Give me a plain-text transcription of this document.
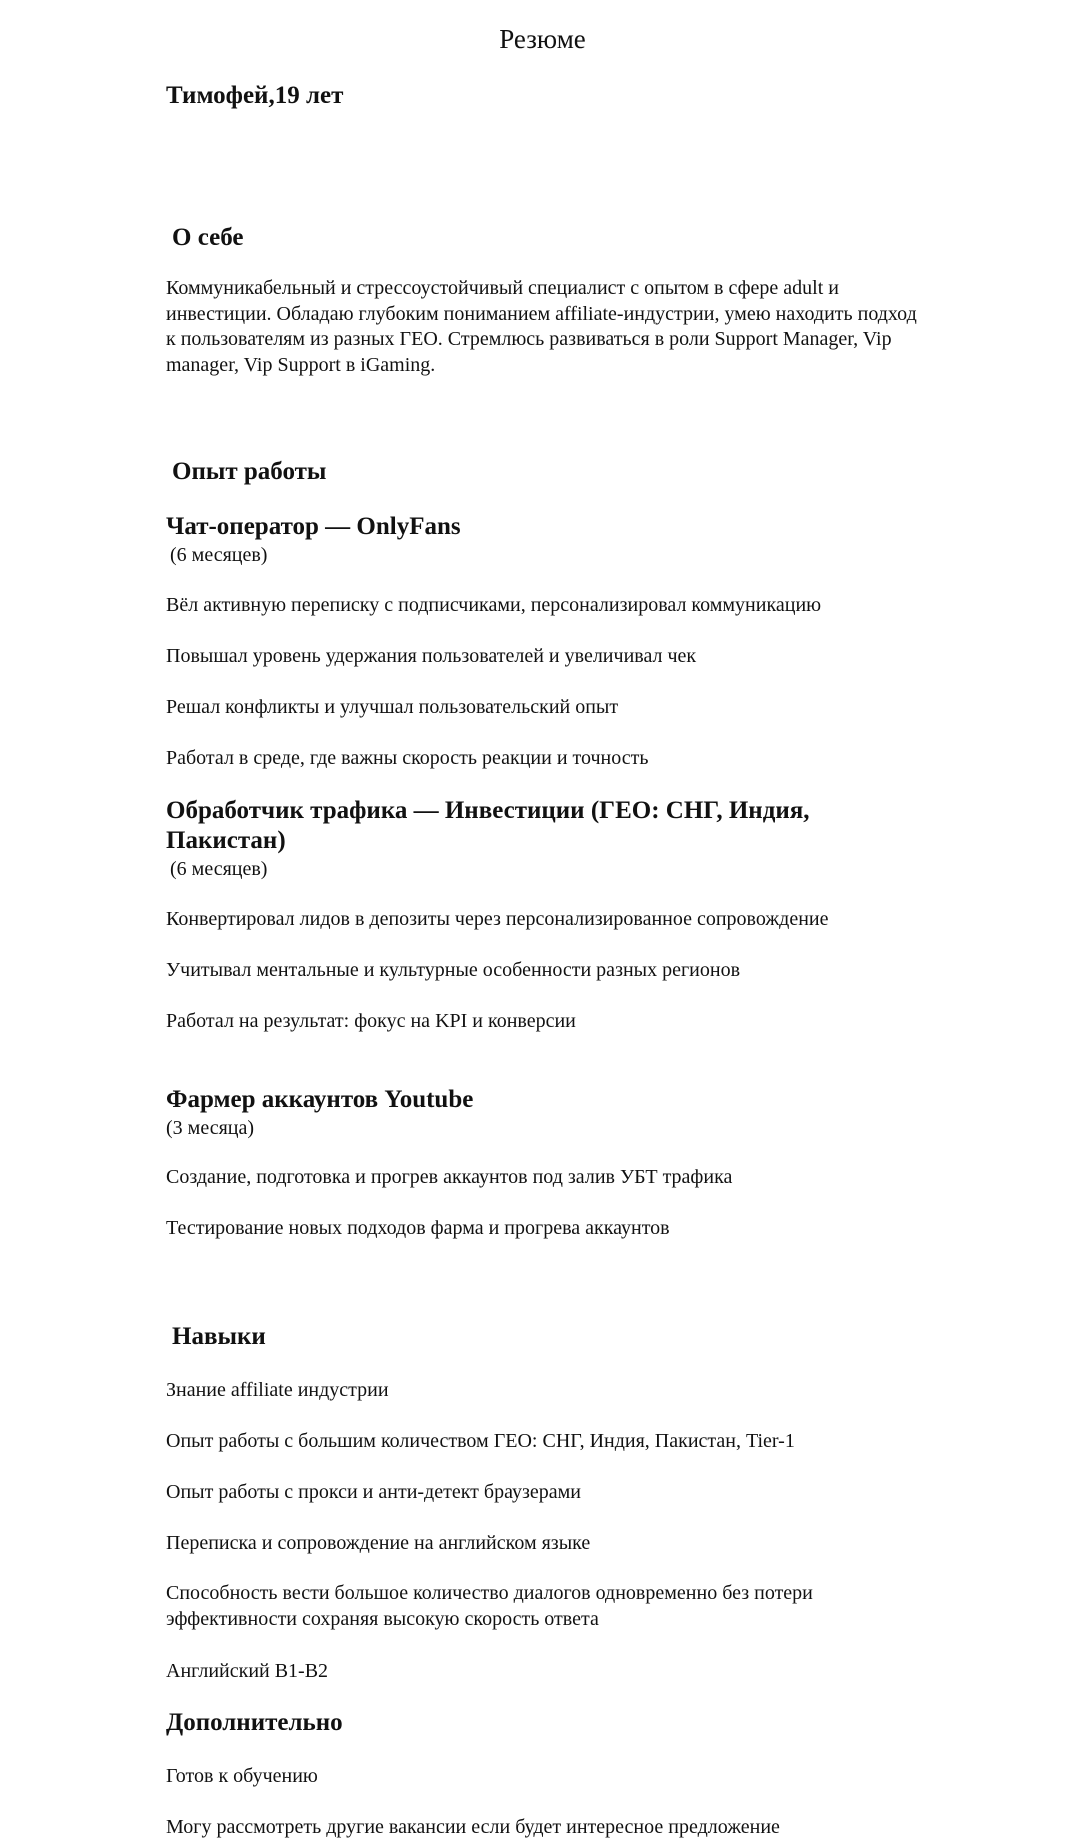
Резюме

Тимофей,19 лет

О себе

Коммуникабельный и стрессоустойчивый специалист с опытом в сфере adult и инвестиции. Обладаю глубоким пониманием affiliate-индустрии, умею находить подход к пользователям из разных ГЕО. Стремлюсь развиваться в роли Support Manager, Vip manager, Vip Support в iGaming.

Опыт работы

Чат-оператор — OnlyFans

(6 месяцев)

Вёл активную переписку с подписчиками, персонализировал коммуникацию

Повышал уровень удержания пользователей и увеличивал чек

Решал конфликты и улучшал пользовательский опыт

Работал в среде, где важны скорость реакции и точность

Обработчик трафика — Инвестиции (ГЕО: СНГ, Индия, Пакистан)

(6 месяцев)

Конвертировал лидов в депозиты через персонализированное сопровождение

Учитывал ментальные и культурные особенности разных регионов

Работал на результат: фокус на KPI и конверсии

Фармер аккаунтов Youtube

(3 месяца)

Создание, подготовка и прогрев аккаунтов под залив УБТ трафика

Тестирование новых подходов фарма и прогрева аккаунтов

Навыки

Знание affiliate индустрии

Опыт работы с большим количеством ГЕО: СНГ, Индия, Пакистан, Tier-1

Опыт работы с прокси и анти-детект браузерами

Переписка и сопровождение на английском языке

Способность вести большое количество диалогов одновременно без потери эффективности сохраняя высокую скорость ответа

Английский B1-B2

Дополнительно

Готов к обучению

Могу рассмотреть другие вакансии если будет интересное предложение
